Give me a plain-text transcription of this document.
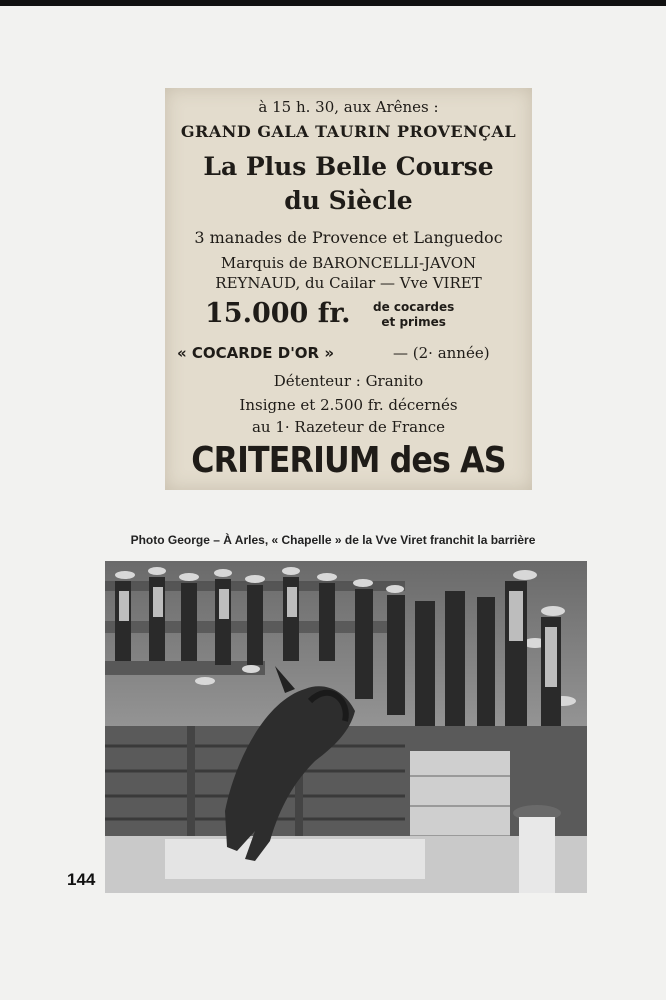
à 15 h. 30, aux Arênes :
GRAND GALA TAURIN PROVENÇAL
La Plus Belle Course
du Siècle
3 manades de Provence et Languedoc
Marquis de BARONCELLI-JAVON
REYNAUD, du Cailar — Vve VIRET
15.000 fr. de cocardes
et primes
« COCARDE D'OR »	— (2· année)
Détenteur : Granito
Insigne et 2.500 fr. décernés
au 1· Razeteur de France
CRITERIUM des AS
Photo George – À Arles, « Chapelle » de la Vve Viret franchit la barrière
144
